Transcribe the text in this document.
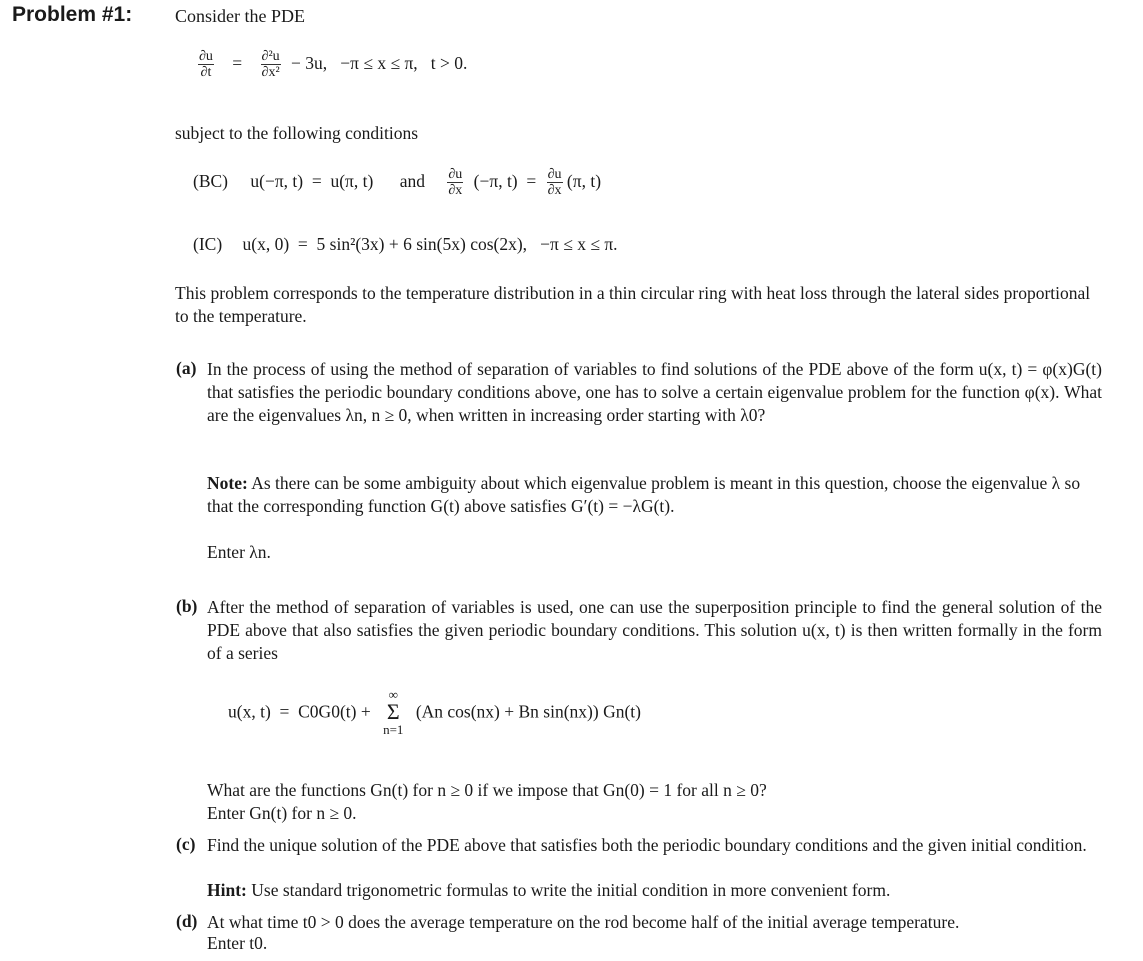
Problem #1: Consider the PDE
$\frac{\partial u}{\partial t} = \frac{\text{∂²u}}{\text{∂x²}} - 3u$,   −π ≤ x ≤ π,   t > 0.
subject to the following conditions
(BC) u(−π, t)  =  u(π, t) and $\frac{\partial u}{\partial x} (-\pi$, $t) = \frac{\partial u}{\partial x} (\pi$, t)
(IC) u(x, 0)  =  5 sin²(3x) + 6 sin(5x) cos(2x),   −π ≤ x ≤ π.
This problem corresponds to the temperature distribution in a thin circular ring with heat loss through the lateral sides proportional to the temperature.
(a) In the process of using the method of separation of variables to find solutions of the PDE above of the form u(x, t) = φ(x)G(t) that satisfies the periodic boundary conditions above, one has to solve a certain eigenvalue problem for the function φ(x). What are the eigenvalues λn, n ≥ 0, when written in increasing order starting with λ0?
Note: As there can be some ambiguity about which eigenvalue problem is meant in this question, choose the eigenvalue λ so that the corresponding function G(t) above satisfies G′(t) = −λG(t).
Enter λn.
(b) After the method of separation of variables is used, one can use the superposition principle to find the general solution of the PDE above that also satisfies the given periodic boundary conditions. This solution u(x, t) is then written formally in the form of a series
u(x, t)  =  C0G0(t) +
∞
Σ
n=1
(An cos(nx) + Bn sin(nx)) Gn(t)
What are the functions Gn(t) for n ≥ 0 if we impose that Gn(0) = 1 for all n ≥ 0?
Enter Gn(t) for n ≥ 0.
(c) Find the unique solution of the PDE above that satisfies both the periodic boundary conditions and the given initial condition.
Hint: Use standard trigonometric formulas to write the initial condition in more convenient form.
(d) At what time t0 > 0 does the average temperature on the rod become half of the initial average temperature.
Enter t0.
